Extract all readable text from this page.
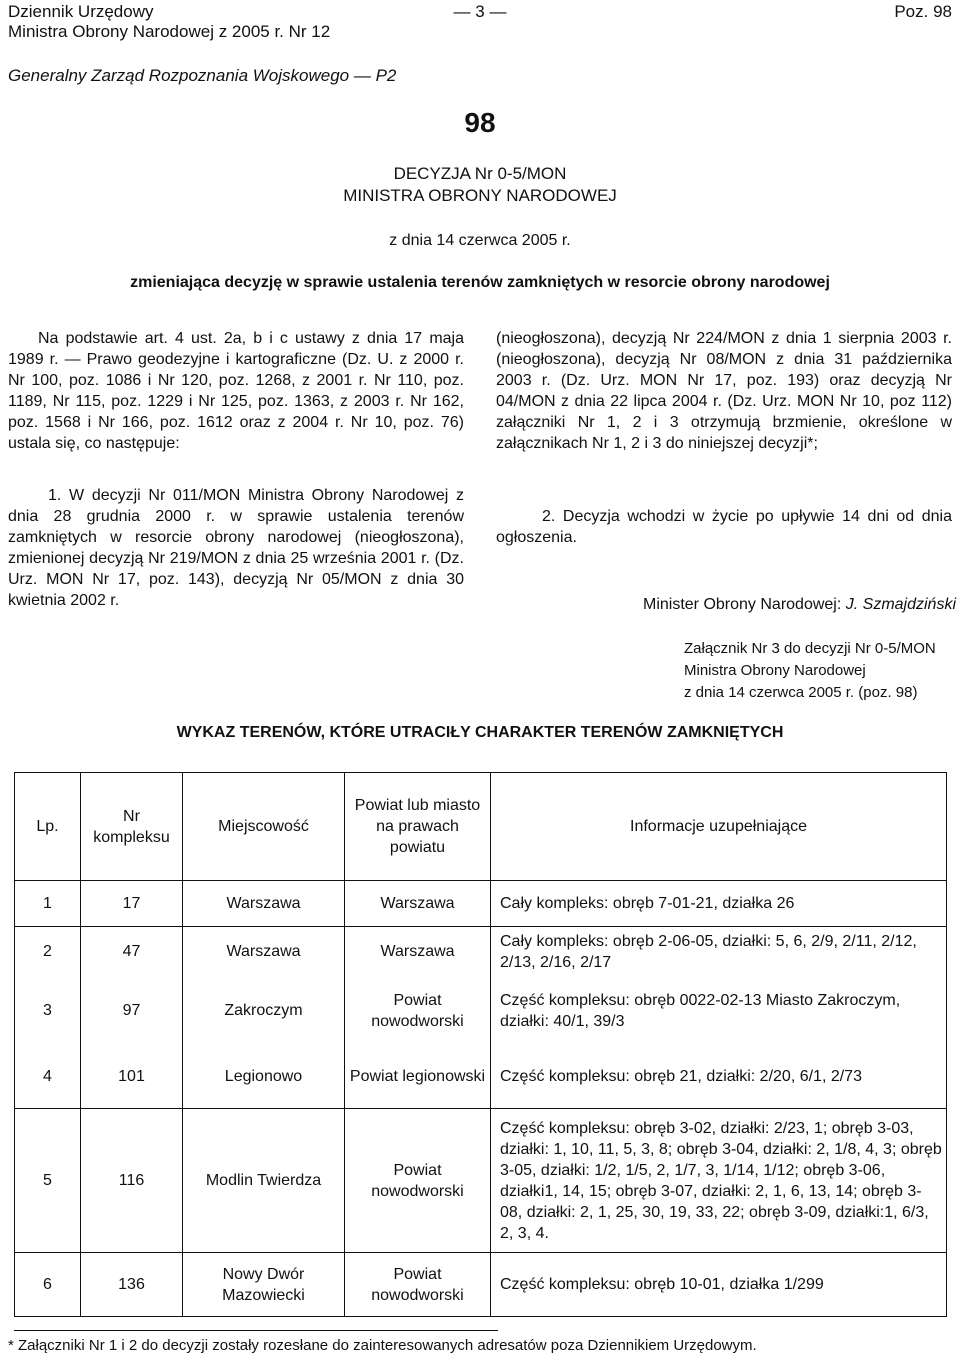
Dziennik Urzędowy
Ministra Obrony Narodowej z 2005 r. Nr 12
— 3 —	Poz. 98
Generalny Zarząd Rozpoznania Wojskowego — P2
98
DECYZJA Nr 0-5/MON
MINISTRA OBRONY NARODOWEJ
z dnia 14 czerwca 2005 r.
zmieniająca decyzję w sprawie ustalenia terenów zamkniętych w resorcie obrony narodowej
Na podstawie art. 4 ust. 2a, b i c ustawy z dnia 17 maja 1989 r. — Prawo geodezyjne i kartograficzne (Dz. U. z 2000 r. Nr 100, poz. 1086 i Nr 120, poz. 1268, z 2001 r. Nr 110, poz. 1189, Nr 115, poz. 1229 i Nr 125, poz. 1363, z 2003 r. Nr 162, poz. 1568 i Nr 166, poz. 1612 oraz z 2004 r. Nr 10, poz. 76) ustala się, co następuje:
1. W decyzji Nr 011/MON Ministra Obrony Narodowej z dnia 28 grudnia 2000 r. w sprawie ustalenia terenów zamkniętych w resorcie obrony narodowej (nieogłoszona), zmienionej decyzją Nr 219/MON z dnia 25 września 2001 r. (Dz. Urz. MON Nr 17, poz. 143), decyzją Nr 05/MON z dnia 30 kwietnia 2002 r.
(nieogłoszona), decyzją Nr 224/MON z dnia 1 sierpnia 2003 r. (nieogłoszona), decyzją Nr 08/MON z dnia 31 października 2003 r. (Dz. Urz. MON Nr 17, poz. 193) oraz decyzją Nr 04/MON z dnia 22 lipca 2004 r. (Dz. Urz. MON Nr 10, poz 112) załączniki Nr 1, 2 i 3 otrzymują brzmienie, określone w załącznikach Nr 1, 2 i 3 do niniejszej decyzji*;
2. Decyzja wchodzi w życie po upływie 14 dni od dnia ogłoszenia.
Minister Obrony Narodowej: J. Szmajdziński
Załącznik Nr 3 do decyzji Nr 0-5/MON
Ministra Obrony Narodowej
z dnia 14 czerwca 2005 r. (poz. 98)
WYKAZ TERENÓW, KTÓRE UTRACIŁY CHARAKTER TERENÓW ZAMKNIĘTYCH
Lp.	Nr kompleksu	Miejscowość	Powiat lub miasto na prawach powiatu	Informacje uzupełniające
1	17	Warszawa	Warszawa	Cały kompleks: obręb 7-01-21, działka 26
2	47	Warszawa	Warszawa	Cały kompleks: obręb 2-06-05, działki: 5, 6, 2/9, 2/11, 2/12, 2/13, 2/16, 2/17
3	97	Zakroczym	Powiat nowodworski	Część kompleksu: obręb 0022-02-13 Miasto Zakroczym, działki: 40/1, 39/3
4	101	Legionowo	Powiat legionowski	Część kompleksu: obręb 21, działki: 2/20, 6/1, 2/73
5	116	Modlin Twierdza	Powiat nowodworski	Część kompleksu: obręb 3-02, działki: 2/23, 1; obręb 3-03, działki: 1, 10, 11, 5, 3, 8; obręb 3-04, działki: 2, 1/8, 4, 3; obręb 3-05, działki: 1/2, 1/5, 2, 1/7, 3, 1/14, 1/12; obręb 3-06, działki1, 14, 15; obręb 3-07, działki: 2, 1, 6, 13, 14; obręb 3-08, działki: 2, 1, 25, 30, 19, 33, 22; obręb 3-09, działki:1, 6/3, 2, 3, 4.
6	136	Nowy Dwór Mazowiecki	Powiat nowodworski	Część kompleksu: obręb 10-01, działka 1/299
* Załączniki Nr 1 i 2 do decyzji zostały rozesłane do zainteresowanych adresatów poza Dziennikiem Urzędowym.
